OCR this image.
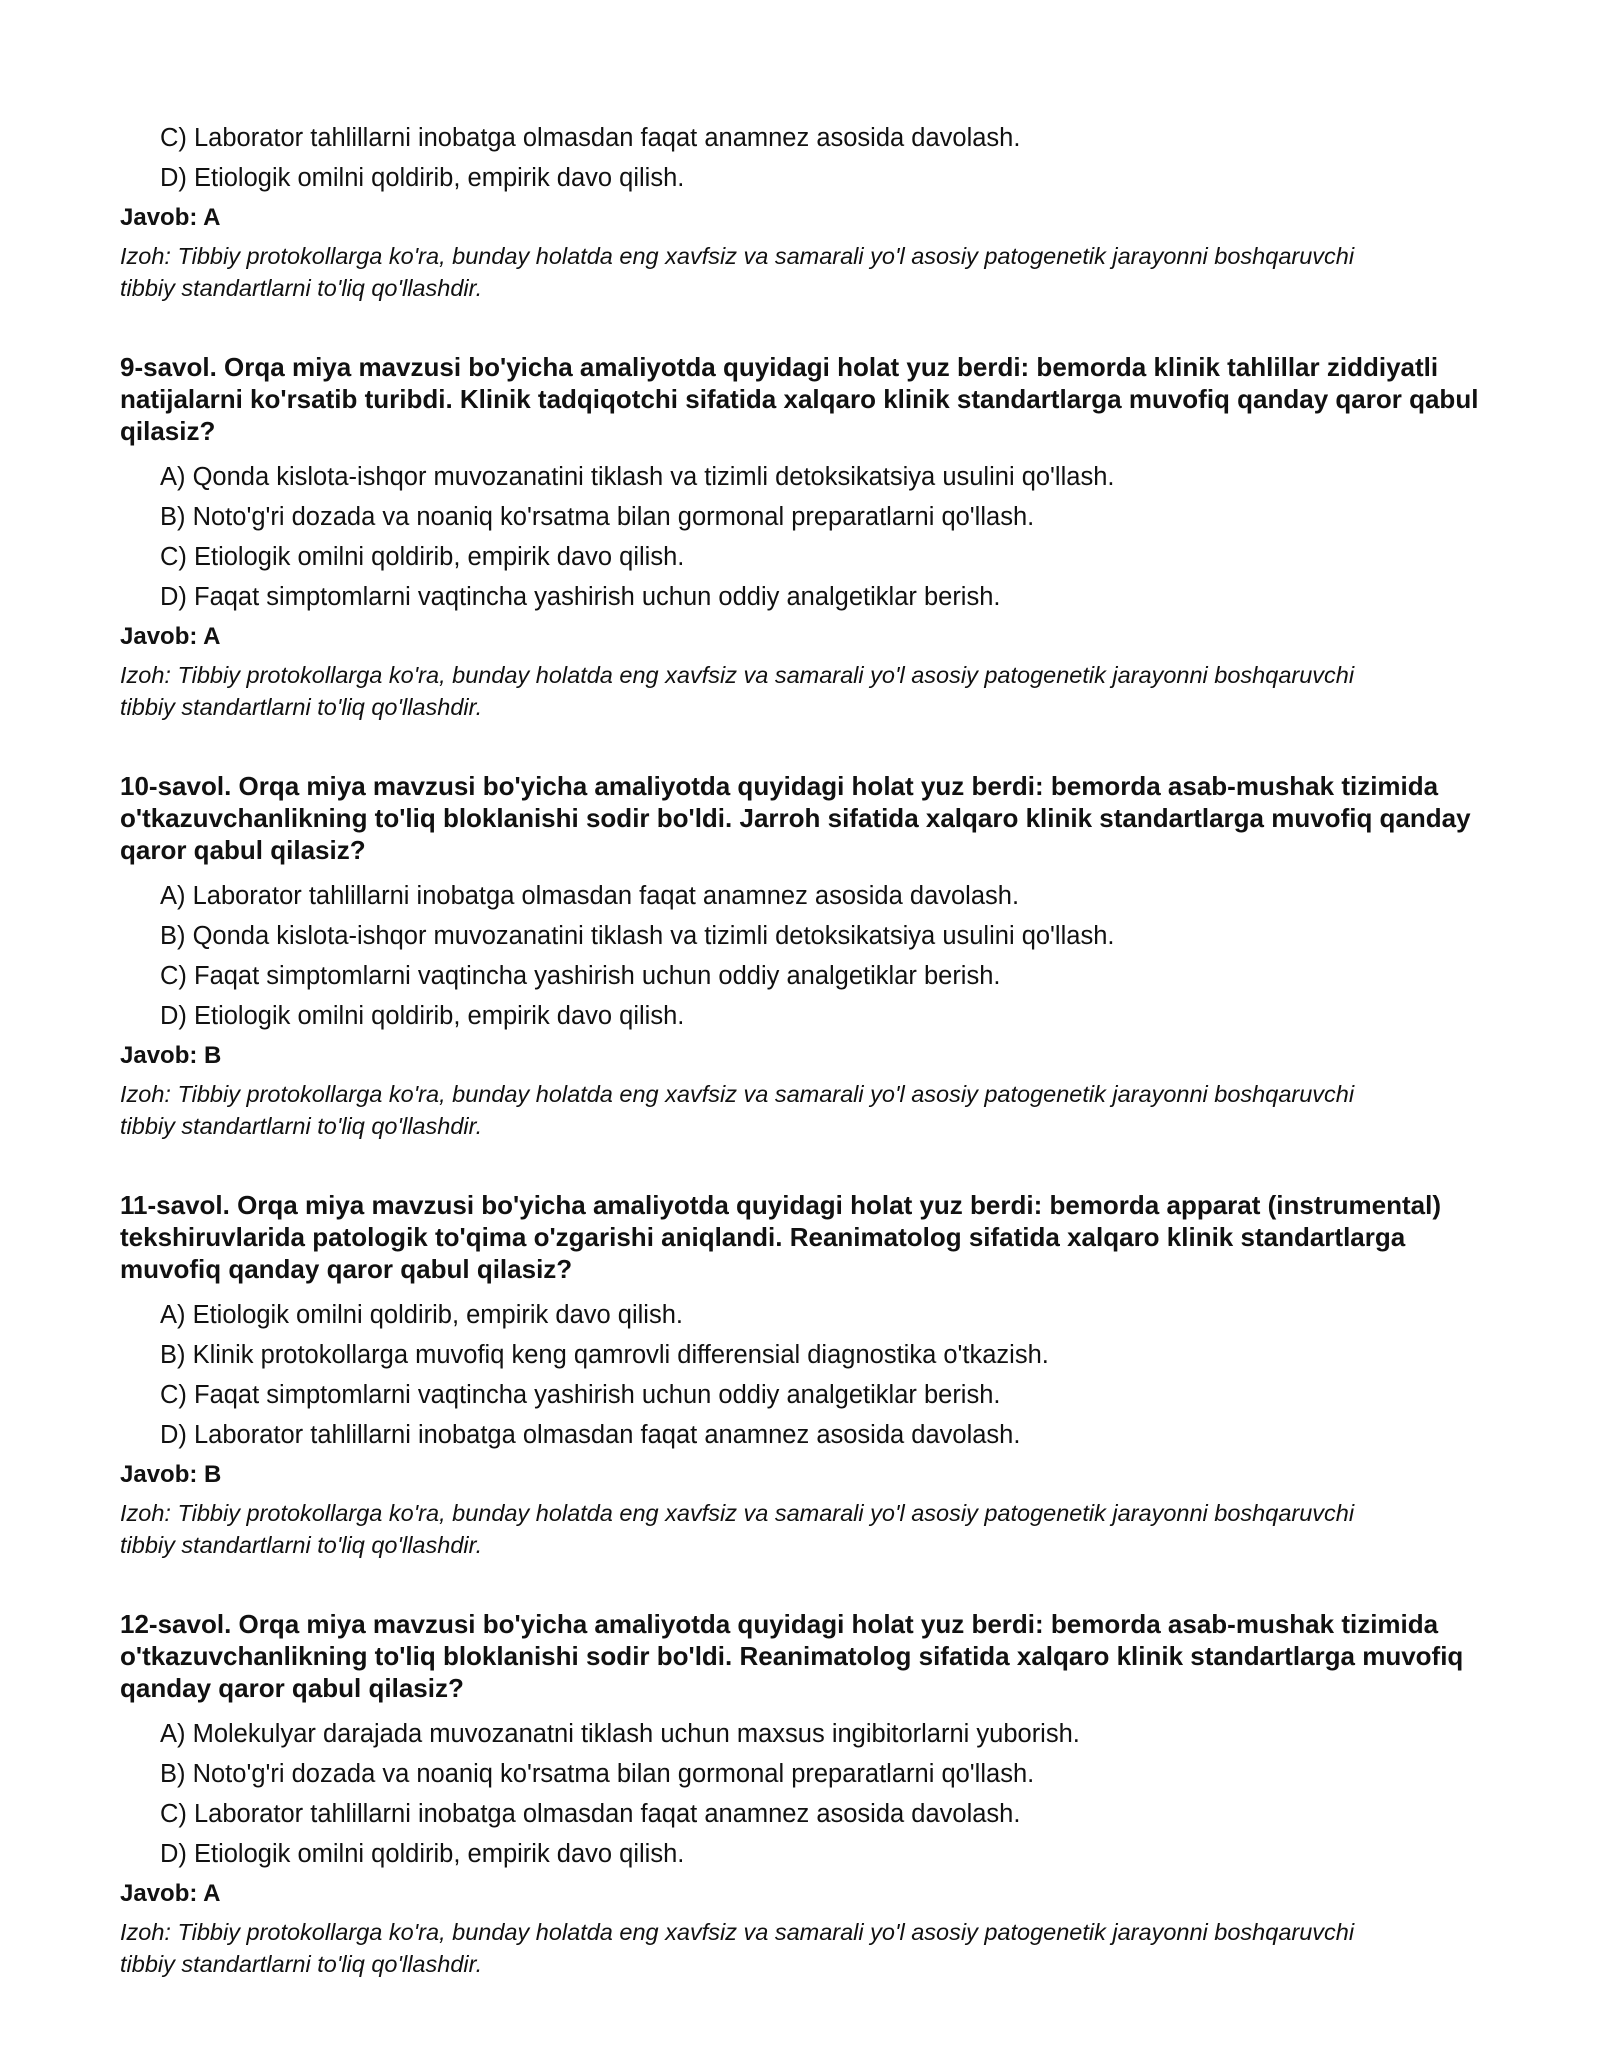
C) Laborator tahlillarni inobatga olmasdan faqat anamnez asosida davolash.
D) Etiologik omilni qoldirib, empirik davo qilish.
Javob: A
Izoh: Tibbiy protokollarga ko'ra, bunday holatda eng xavfsiz va samarali yo'l asosiy patogenetik jarayonni boshqaruvchi tibbiy standartlarni to'liq qo'llashdir.
9-savol. Orqa miya mavzusi bo'yicha amaliyotda quyidagi holat yuz berdi: bemorda klinik tahlillar ziddiyatli natijalarni ko'rsatib turibdi. Klinik tadqiqotchi sifatida xalqaro klinik standartlarga muvofiq qanday qaror qabul qilasiz?
A) Qonda kislota-ishqor muvozanatini tiklash va tizimli detoksikatsiya usulini qo'llash.
B) Noto'g'ri dozada va noaniq ko'rsatma bilan gormonal preparatlarni qo'llash.
C) Etiologik omilni qoldirib, empirik davo qilish.
D) Faqat simptomlarni vaqtincha yashirish uchun oddiy analgetiklar berish.
Javob: A
Izoh: Tibbiy protokollarga ko'ra, bunday holatda eng xavfsiz va samarali yo'l asosiy patogenetik jarayonni boshqaruvchi tibbiy standartlarni to'liq qo'llashdir.
10-savol. Orqa miya mavzusi bo'yicha amaliyotda quyidagi holat yuz berdi: bemorda asab-mushak tizimida o'tkazuvchanlikning to'liq bloklanishi sodir bo'ldi. Jarroh sifatida xalqaro klinik standartlarga muvofiq qanday qaror qabul qilasiz?
A) Laborator tahlillarni inobatga olmasdan faqat anamnez asosida davolash.
B) Qonda kislota-ishqor muvozanatini tiklash va tizimli detoksikatsiya usulini qo'llash.
C) Faqat simptomlarni vaqtincha yashirish uchun oddiy analgetiklar berish.
D) Etiologik omilni qoldirib, empirik davo qilish.
Javob: B
Izoh: Tibbiy protokollarga ko'ra, bunday holatda eng xavfsiz va samarali yo'l asosiy patogenetik jarayonni boshqaruvchi tibbiy standartlarni to'liq qo'llashdir.
11-savol. Orqa miya mavzusi bo'yicha amaliyotda quyidagi holat yuz berdi: bemorda apparat (instrumental) tekshiruvlarida patologik to'qima o'zgarishi aniqlandi. Reanimatolog sifatida xalqaro klinik standartlarga muvofiq qanday qaror qabul qilasiz?
A) Etiologik omilni qoldirib, empirik davo qilish.
B) Klinik protokollarga muvofiq keng qamrovli differensial diagnostika o'tkazish.
C) Faqat simptomlarni vaqtincha yashirish uchun oddiy analgetiklar berish.
D) Laborator tahlillarni inobatga olmasdan faqat anamnez asosida davolash.
Javob: B
Izoh: Tibbiy protokollarga ko'ra, bunday holatda eng xavfsiz va samarali yo'l asosiy patogenetik jarayonni boshqaruvchi tibbiy standartlarni to'liq qo'llashdir.
12-savol. Orqa miya mavzusi bo'yicha amaliyotda quyidagi holat yuz berdi: bemorda asab-mushak tizimida o'tkazuvchanlikning to'liq bloklanishi sodir bo'ldi. Reanimatolog sifatida xalqaro klinik standartlarga muvofiq qanday qaror qabul qilasiz?
A) Molekulyar darajada muvozanatni tiklash uchun maxsus ingibitorlarni yuborish.
B) Noto'g'ri dozada va noaniq ko'rsatma bilan gormonal preparatlarni qo'llash.
C) Laborator tahlillarni inobatga olmasdan faqat anamnez asosida davolash.
D) Etiologik omilni qoldirib, empirik davo qilish.
Javob: A
Izoh: Tibbiy protokollarga ko'ra, bunday holatda eng xavfsiz va samarali yo'l asosiy patogenetik jarayonni boshqaruvchi tibbiy standartlarni to'liq qo'llashdir.
